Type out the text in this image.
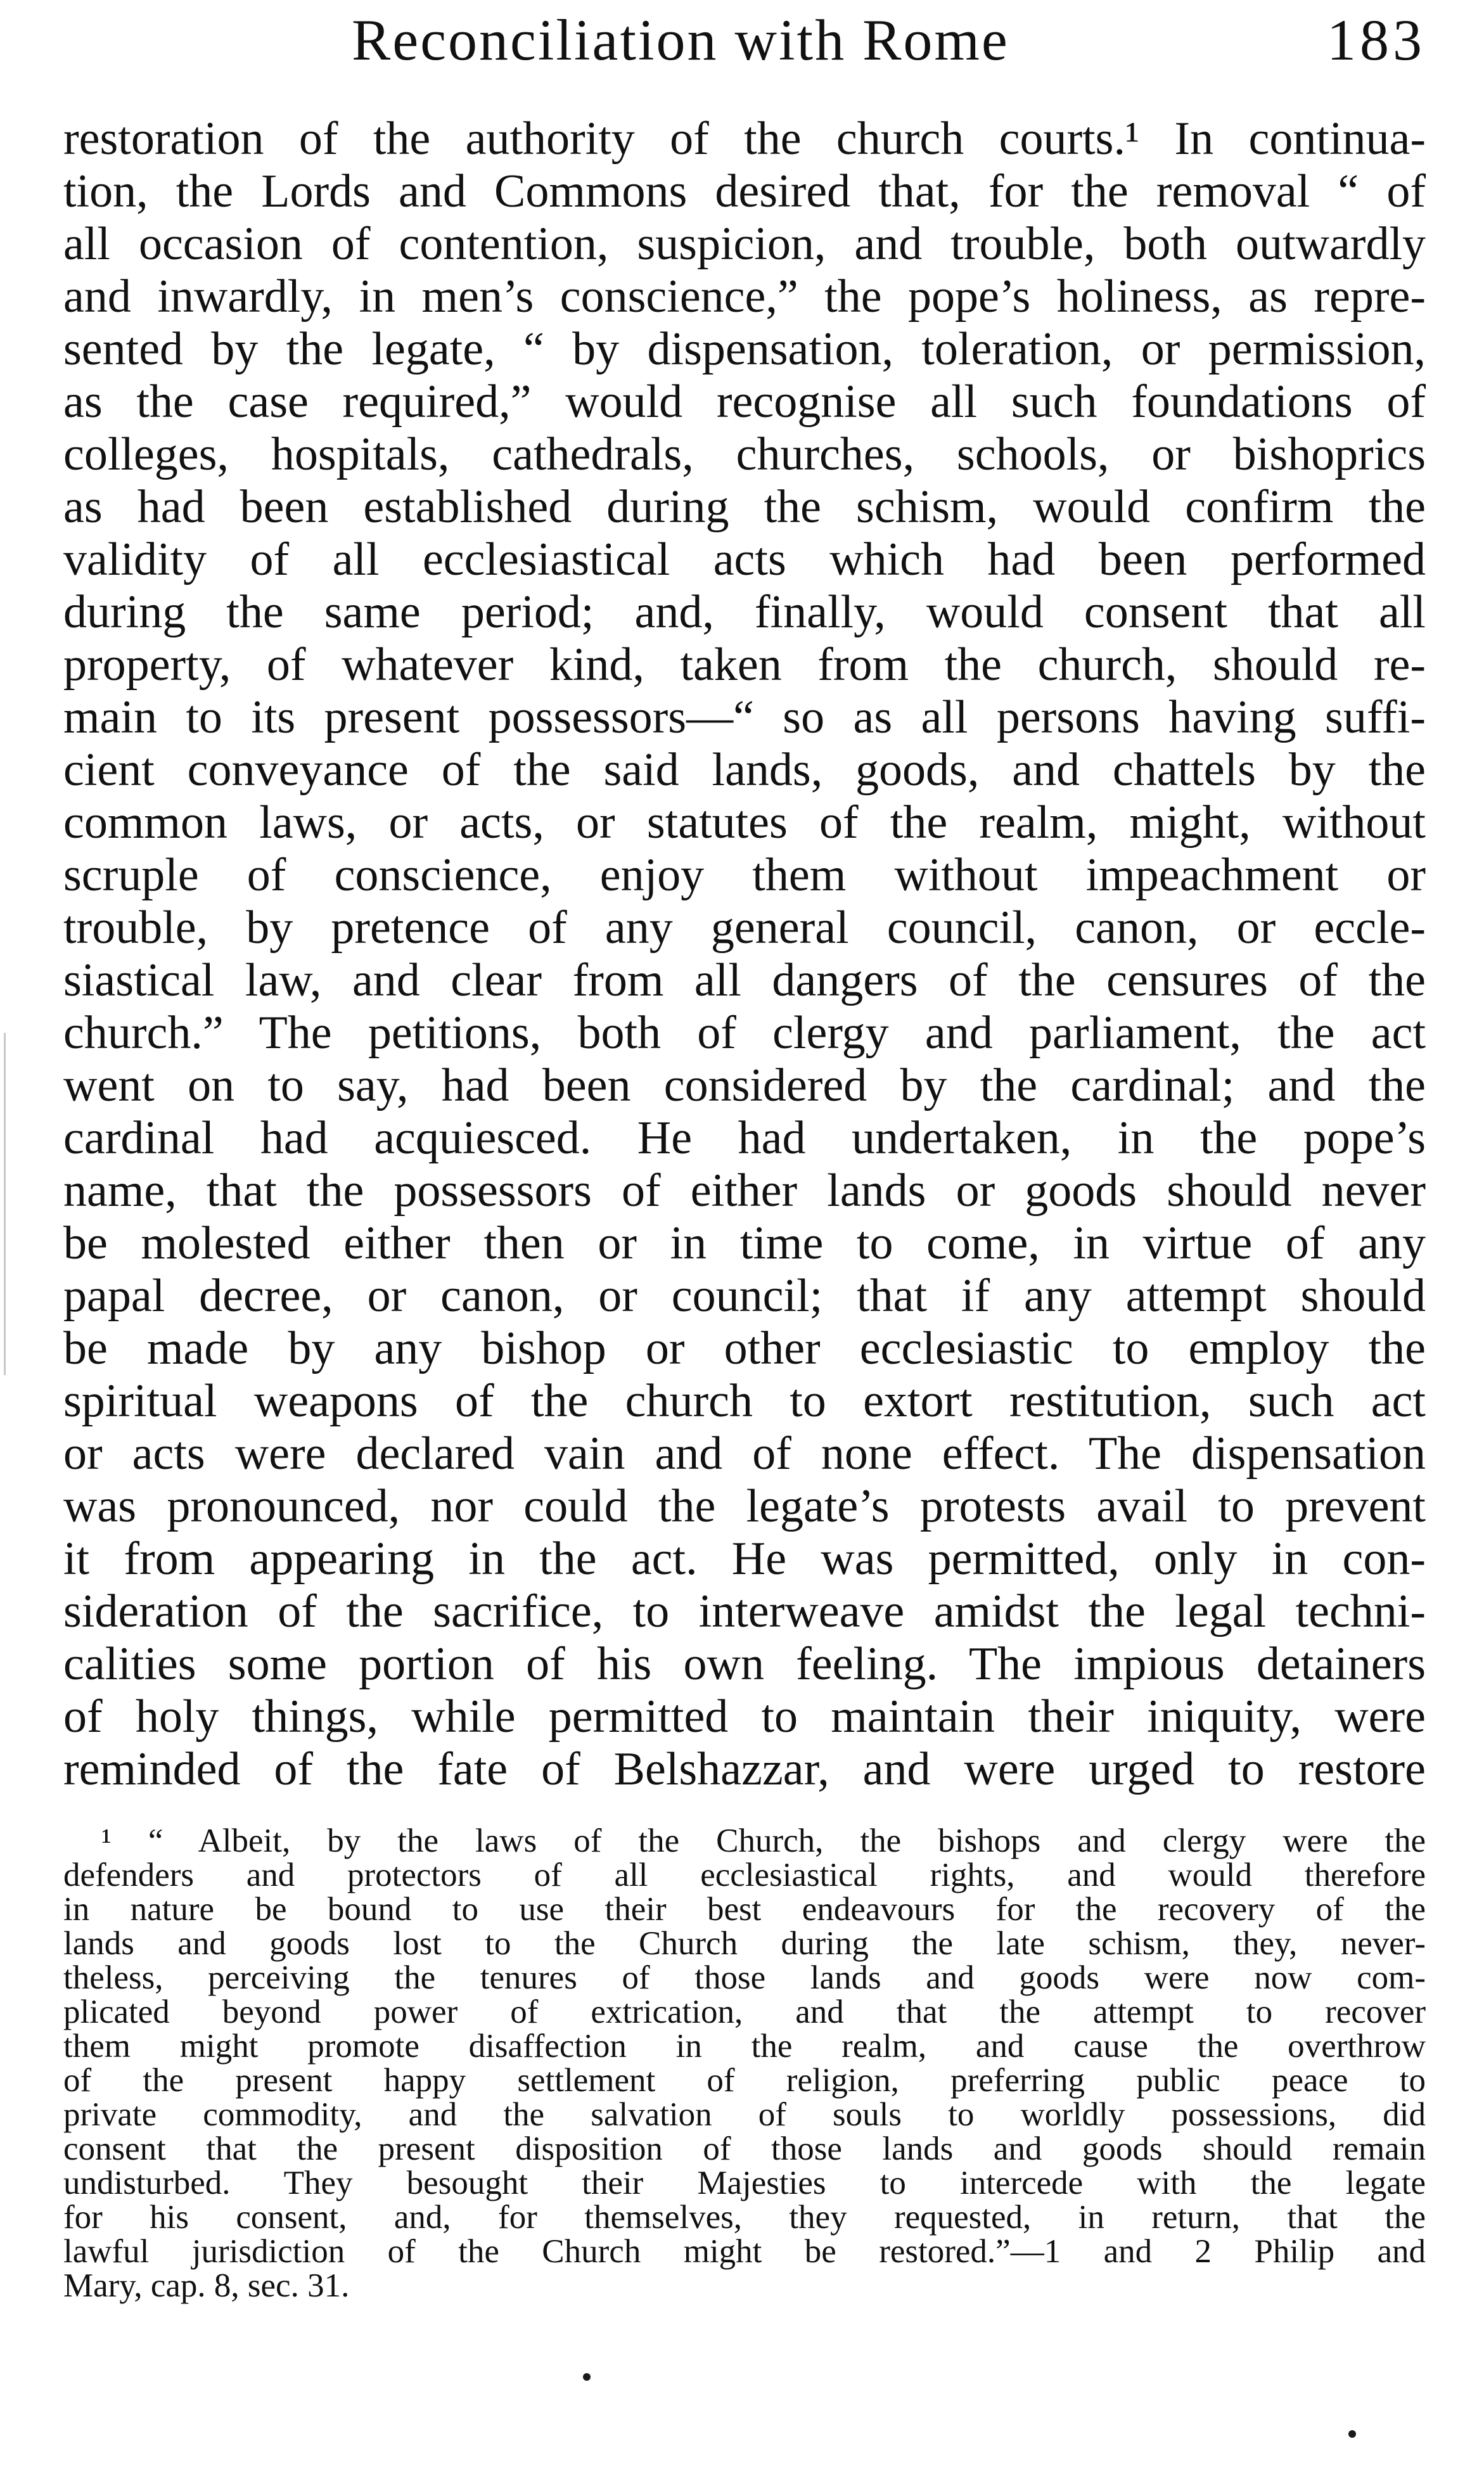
Reconciliation with Rome	183
restoration of the authority of the church courts.¹ In continua-
tion, the Lords and Commons desired that, for the removal “ of
all occasion of contention, suspicion, and trouble, both outwardly
and inwardly, in men’s conscience,” the pope’s holiness, as repre-
sented by the legate, “ by dispensation, toleration, or permission,
as the case required,” would recognise all such foundations of
colleges, hospitals, cathedrals, churches, schools, or bishoprics
as had been established during the schism, would confirm the
validity of all ecclesiastical acts which had been performed
during the same period; and, finally, would consent that all
property, of whatever kind, taken from the church, should re-
main to its present possessors—“ so as all persons having suffi-
cient conveyance of the said lands, goods, and chattels by the
common laws, or acts, or statutes of the realm, might, without
scruple of conscience, enjoy them without impeachment or
trouble, by pretence of any general council, canon, or eccle-
siastical law, and clear from all dangers of the censures of the
church.” The petitions, both of clergy and parliament, the act
went on to say, had been considered by the cardinal; and the
cardinal had acquiesced. He had undertaken, in the pope’s
name, that the possessors of either lands or goods should never
be molested either then or in time to come, in virtue of any
papal decree, or canon, or council; that if any attempt should
be made by any bishop or other ecclesiastic to employ the
spiritual weapons of the church to extort restitution, such act
or acts were declared vain and of none effect. The dispensation
was pronounced, nor could the legate’s protests avail to prevent
it from appearing in the act. He was permitted, only in con-
sideration of the sacrifice, to interweave amidst the legal techni-
calities some portion of his own feeling. The impious detainers
of holy things, while permitted to maintain their iniquity, were
reminded of the fate of Belshazzar, and were urged to restore
¹ “ Albeit, by the laws of the Church, the bishops and clergy were the
defenders and protectors of all ecclesiastical rights, and would therefore
in nature be bound to use their best endeavours for the recovery of the
lands and goods lost to the Church during the late schism, they, never-
theless, perceiving the tenures of those lands and goods were now com-
plicated beyond power of extrication, and that the attempt to recover
them might promote disaffection in the realm, and cause the overthrow
of the present happy settlement of religion, preferring public peace to
private commodity, and the salvation of souls to worldly possessions, did
consent that the present disposition of those lands and goods should remain
undisturbed. They besought their Majesties to intercede with the legate
for his consent, and, for themselves, they requested, in return, that the
lawful jurisdiction of the Church might be restored.”—1 and 2 Philip and
Mary, cap. 8, sec. 31.
